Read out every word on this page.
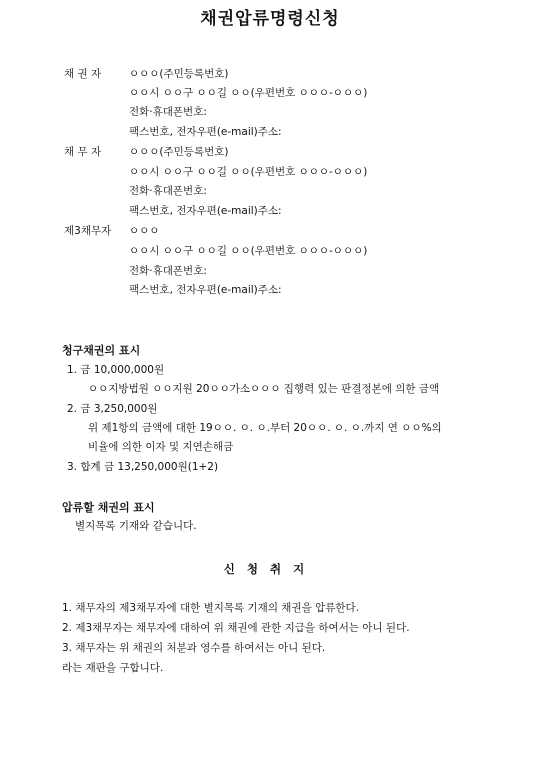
채권압류명령신청
채 권 자	ㅇㅇㅇ(주민등록번호)
ㅇㅇ시 ㅇㅇ구 ㅇㅇ길 ㅇㅇ(우편번호 ㅇㅇㅇ-ㅇㅇㅇ)
전화·휴대폰번호:
팩스번호, 전자우편(e-mail)주소:
채 무 자	ㅇㅇㅇ(주민등록번호)
ㅇㅇ시 ㅇㅇ구 ㅇㅇ길 ㅇㅇ(우편번호 ㅇㅇㅇ-ㅇㅇㅇ)
전화·휴대폰번호:
팩스번호, 전자우편(e-mail)주소:
제3채무자	ㅇㅇㅇ
ㅇㅇ시 ㅇㅇ구 ㅇㅇ길 ㅇㅇ(우편번호 ㅇㅇㅇ-ㅇㅇㅇ)
전화·휴대폰번호:
팩스번호, 전자우편(e-mail)주소:
청구채권의 표시
1. 금 10,000,000원
ㅇㅇ지방법원 ㅇㅇ지원 20ㅇㅇ가소ㅇㅇㅇ 집행력 있는 판결정본에 의한 금액
2. 금 3,250,000원
위 제1항의 금액에 대한 19ㅇㅇ. ㅇ. ㅇ.부터 20ㅇㅇ. ㅇ. ㅇ.까지 연 ㅇㅇ%의
비율에 의한 이자 및 지연손해금
3. 합계 금 13,250,000원(1+2)
압류할 채권의 표시
별지목록 기재와 같습니다.
신청취지
1. 채무자의 제3채무자에 대한 별지목록 기재의 채권을 압류한다.
2. 제3채무자는 채무자에 대하여 위 채권에 관한 지급을 하여서는 아니 된다.
3. 채무자는 위 채권의 처분과 영수를 하여서는 아니 된다.
라는 재판을 구합니다.
